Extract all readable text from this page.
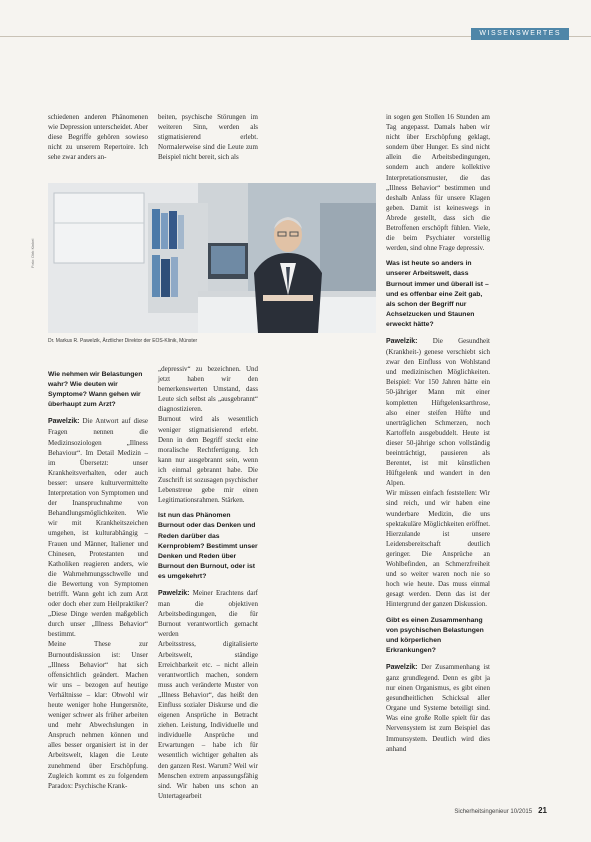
WISSENSWERTES

schiedenen anderen Phänomenen wie Depression unterscheidet. Aber diese Begriffe gehören sowieso nicht zu unserem Repertoire. Ich sehe zwar anders an-

beiten, psychische Störungen im weiteren Sinn, werden als stigmatisierend erlebt. Normalerweise sind die Leute zum Beispiel nicht bereit, sich als

Foto: Dirk Kinkel
Dr. Markus R. Pawelzik, Ärztlicher Direktor der EOS-Klinik, Münster

Wie nehmen wir Belastungen wahr? Wie deuten wir Symptome? Wann gehen wir überhaupt zum Arzt?

Pawelzik: Die Antwort auf diese Fragen nennen die Medizinsoziologen „Illness Behaviour“. Im Detail Medizin – im Übersetzt: unser Krankheitsverhalten, oder auch besser: unsere kulturvermittelte Interpretation von Symptomen und der Inanspruchnahme von Behandlungsmöglichkeiten. Wie wir mit Krankheitszeichen umgehen, ist kulturabhängig – Frauen und Männer, Italiener und Chinesen, Protestanten und Katholiken reagieren anders, wie die Wahrnehmungsschwelle und die Bewertung von Symptomen betrifft. Wann geht ich zum Arzt oder doch eher zum Heilpraktiker? „Diese Dinge werden maßgeblich durch unser „Illness Behavior“ bestimmt.

Meine These zur Burnoutdiskussion ist: Unser „Illness Behavior“ hat sich offensichtlich geändert. Machen wir uns – bezogen auf heutige Verhältnisse – klar: Obwohl wir heute weniger hohe Hungersnöte, weniger schwer als früher arbeiten und mehr Abwechslungen in Anspruch nehmen können und alles besser organisiert ist in der Arbeitswelt, klagen die Leute zunehmend über Erschöpfung. Zugleich kommt es zu folgendem Paradox: Psychische Krank-

„depressiv“ zu bezeichnen. Und jetzt haben wir den bemerkenswerten Umstand, dass Leute sich selbst als „ausgebrannt“ diagnostizieren.

Burnout wird als wesentlich weniger stigmatisierend erlebt. Denn in dem Begriff steckt eine moralische Rechtfertigung. Ich kann nur ausgebrannt sein, wenn ich einmal gebrannt habe. Die Zuschrift ist sozusagen psychischer Lebenstreue gebe mir einen Legitimationsrahmen. Stärken.

Ist nun das Phänomen Burnout oder das Denken und Reden darüber das Kernproblem? Bestimmt unser Denken und Reden über Burnout den Burnout, oder ist es umgekehrt?

Pawelzik: Meiner Erachtens darf man die objektiven Arbeitsbedingungen, die für Burnout verantwortlich gemacht werden

Arbeitsstress, digitalisierte Arbeitswelt, ständige Erreichbarkeit etc. – nicht allein verantwortlich machen, sondern muss auch veränderte Muster von „Illness Behavior“, das heißt den Einfluss sozialer Diskurse und die eigenen Ansprüche in Betracht ziehen. Leistung, Individuelle und individuelle Ansprüche und Erwartungen – habe ich für wesentlich wichtiger gehalten als den ganzen Rest. Warum? Weil wir Menschen extrem anpassungsfähig sind. Wir haben uns schon an Untertagearbeit

in sogen gen Stollen 16 Stunden am Tag angepasst. Damals haben wir nicht über Erschöpfung geklagt, sondern über Hunger. Es sind nicht allein die Arbeitsbedingungen, sondern auch andere kollektive Interpretationsmuster, die das „Illness Behavior“ bestimmen und deshalb Anlass für unsere Klagen geben. Damit ist keineswegs in Abrede gestellt, dass sich die Betroffenen erschöpft fühlen. Viele, die beim Psychiater vorstellig werden, sind ohne Frage depressiv.

Was ist heute so anders in unserer Arbeitswelt, dass Burnout immer und überall ist – und es offenbar eine Zeit gab, als schon der Begriff nur Achselzucken und Staunen erweckt hätte?

Pawelzik: Die Gesundheit (Krankheit-) genese verschiebt sich zwar den Einfluss von Wohlstand und medizinischen Möglichkeiten. Beispiel: Vor 150 Jahren hätte ein 50-jähriger Mann mit einer kompletten Hüftgelenksarthrose, also einer steifen Hüfte und unerträglichen Schmerzen, noch Kartoffeln ausgebuddelt. Heute ist dieser 50-jährige schon vollständig beeinträchtigt, pausieren als Berentet, ist mit künstlichen Hüftgelenk und wandert in den Alpen.

Wir müssen einfach feststellen: Wir sind reich, und wir haben eine wunderbare Medizin, die uns spektakuläre Möglichkeiten eröffnet. Hierzulande ist unsere Leidensbereitschaft deutlich geringer. Die Ansprüche an Wohlbefinden, an Schmerzfreiheit und so weiter waren noch nie so hoch wie heute. Das muss einmal gesagt werden. Denn das ist der Hintergrund der ganzen Diskussion.

Gibt es einen Zusammenhang von psychischen Belastungen und körperlichen Erkrankungen?

Pawelzik: Der Zusammenhang ist ganz grundlegend. Denn es gibt ja nur einen Organismus, es gibt einen gesundheitlichen Schicksal aller Organe und Systeme beteiligt sind. Was eine große Rolle spielt für das Nervensystem ist zum Beispiel das Immunsystem. Deutlich wird dies anhand

Sicherheitsingenieur 10/2015 21
